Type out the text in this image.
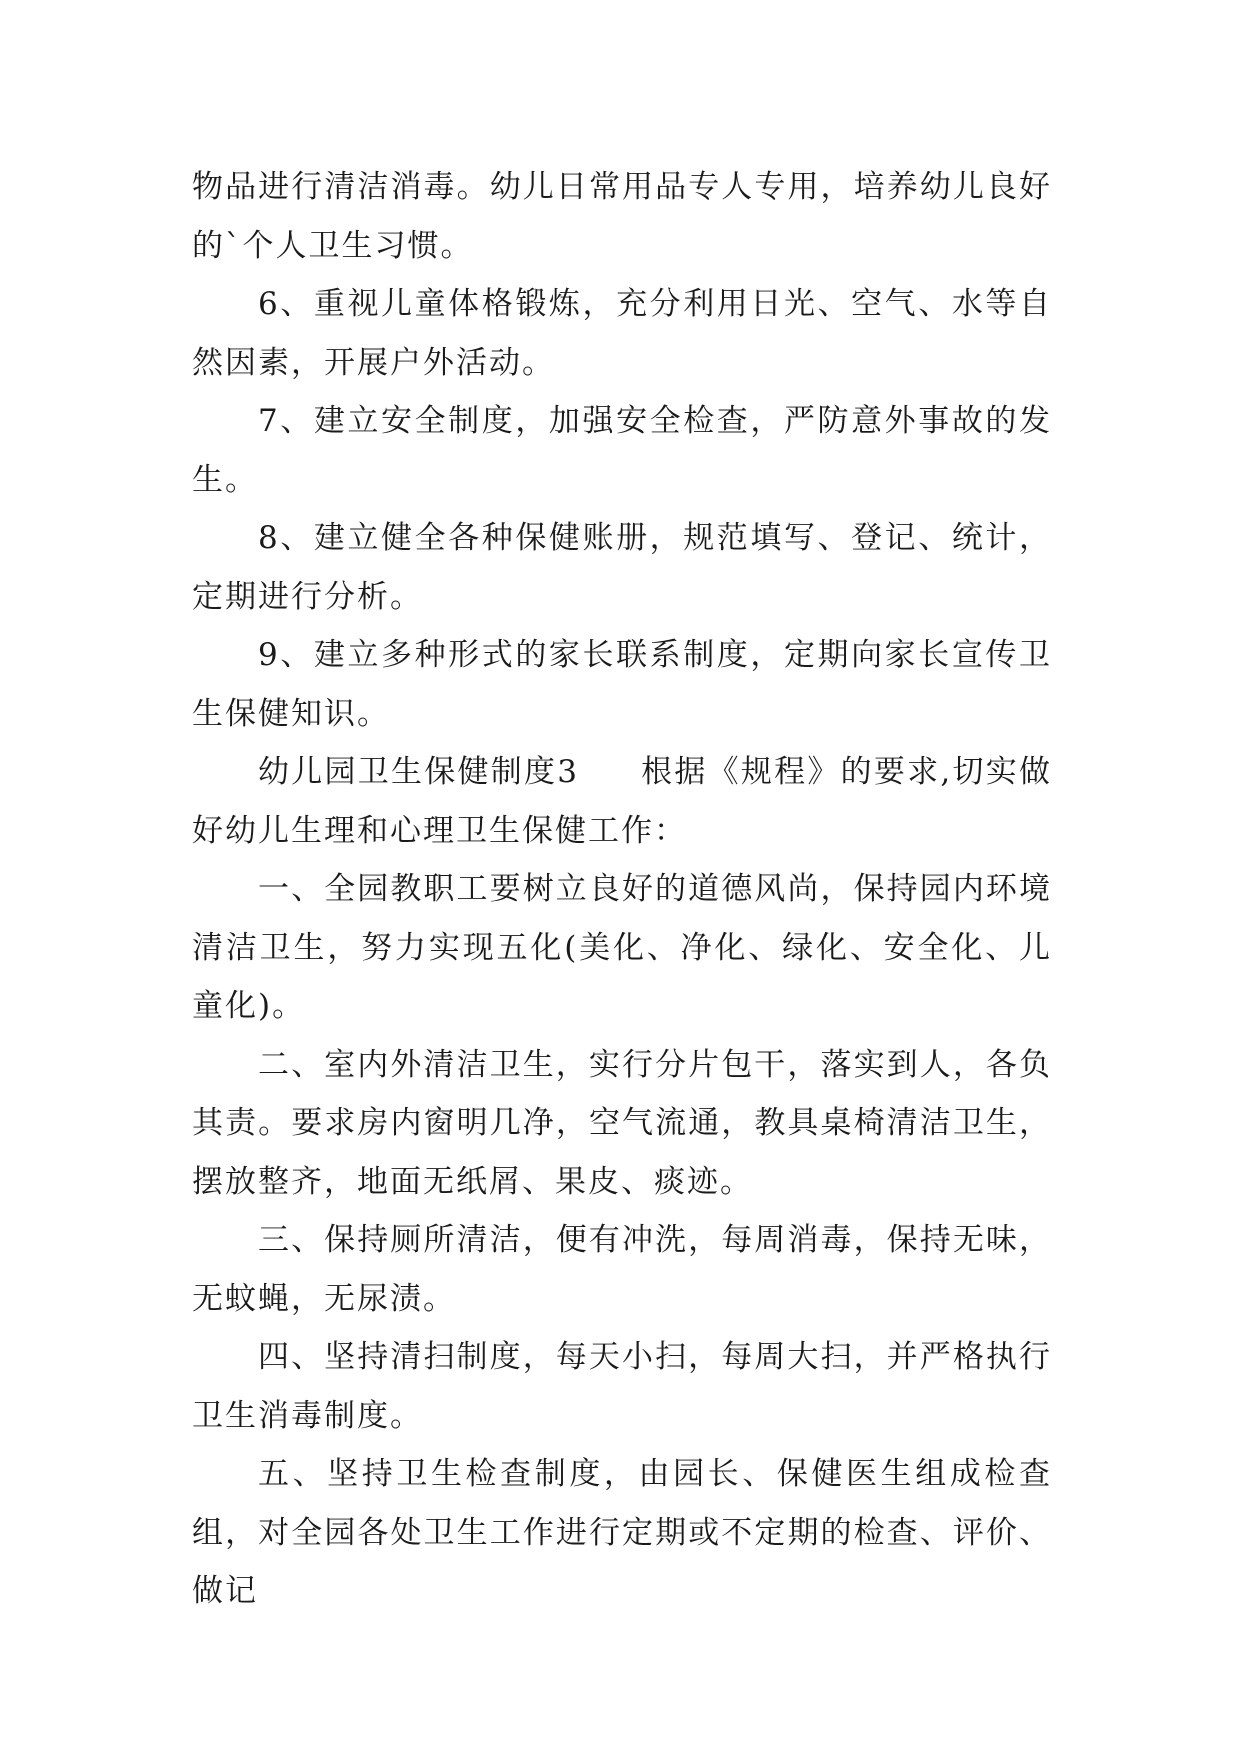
物品进行清洁消毒。幼儿日常用品专人专用，培养幼儿良好的`个人卫生习惯。

6、重视儿童体格锻炼，充分利用日光、空气、水等自然因素，开展户外活动。

7、建立安全制度，加强安全检查，严防意外事故的发生。

8、建立健全各种保健账册，规范填写、登记、统计，定期进行分析。

9、建立多种形式的家长联系制度，定期向家长宣传卫生保健知识。

幼儿园卫生保健制度3 根据《规程》的要求,切实做好幼儿生理和心理卫生保健工作：

一、全园教职工要树立良好的道德风尚，保持园内环境清洁卫生，努力实现五化(美化、净化、绿化、安全化、儿童化)。

二、室内外清洁卫生，实行分片包干，落实到人，各负其责。要求房内窗明几净，空气流通，教具桌椅清洁卫生，摆放整齐，地面无纸屑、果皮、痰迹。

三、保持厕所清洁，便有冲洗，每周消毒，保持无味，无蚊蝇，无尿渍。

四、坚持清扫制度，每天小扫，每周大扫，并严格执行卫生消毒制度。

五、坚持卫生检查制度，由园长、保健医生组成检查组，对全园各处卫生工作进行定期或不定期的检查、评价、做记
